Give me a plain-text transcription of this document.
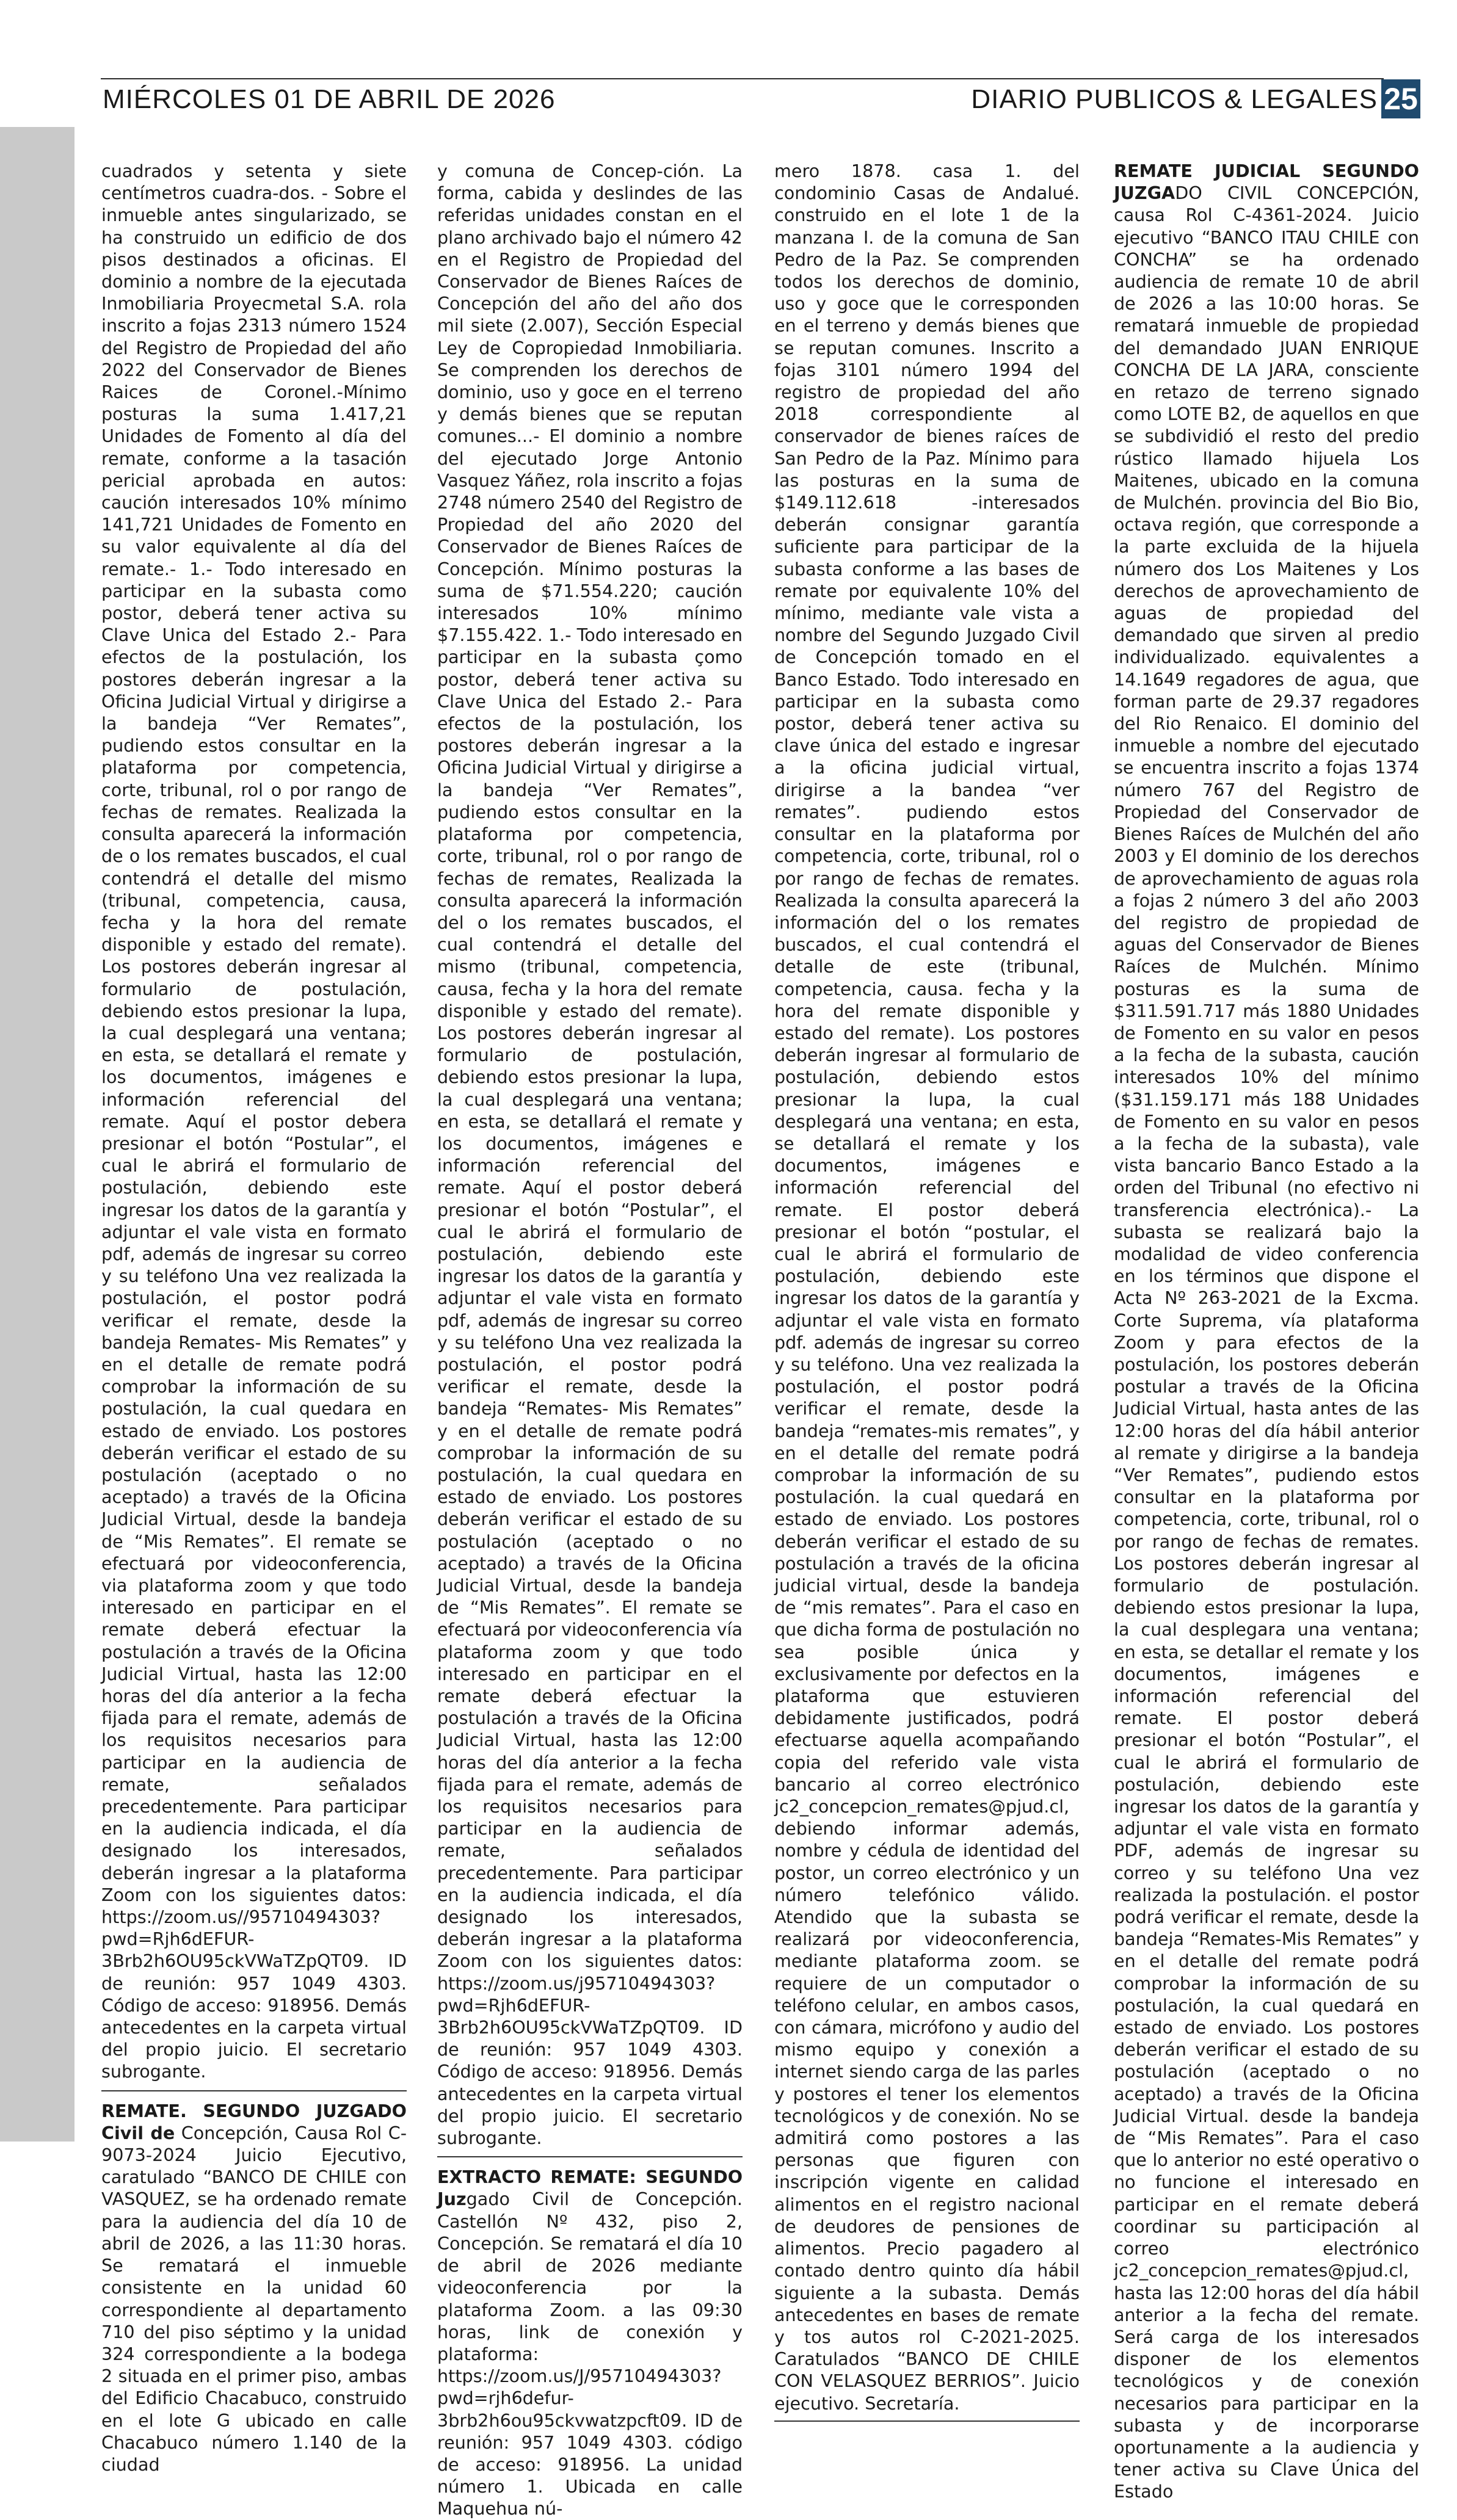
MIÉRCOLES 01 DE ABRIL DE 2026	DIARIO PUBLICOS & LEGALES 25

cuadrados y setenta y siete centímetros cuadra-dos. - Sobre el inmueble antes singularizado, se ha construido un edificio de dos pisos destinados a oficinas. El dominio a nombre de la ejecutada Inmobiliaria Proyecmetal S.A. rola inscrito a fojas 2313 número 1524 del Registro de Propiedad del año 2022 del Conservador de Bienes Raices de Coronel.-Mínimo posturas la suma 1.417,21 Unidades de Fomento al día del remate, conforme a la tasación pericial aprobada en autos: caución interesados 10% mínimo 141,721 Unidades de Fomento en su valor equivalente al día del remate.- 1.- Todo interesado en participar en la subasta como postor, deberá tener activa su Clave Unica del Estado 2.- Para efectos de la postulación, los postores deberán ingresar a la Oficina Judicial Virtual y dirigirse a la bandeja “Ver Remates”, pudiendo estos consultar en la plataforma por competencia, corte, tribunal, rol o por rango de fechas de remates. Realizada la consulta aparecerá la información de o los remates buscados, el cual contendrá el detalle del mismo (tribunal, competencia, causa, fecha y la hora del remate disponible y estado del remate). Los postores deberán ingresar al formulario de postulación, debiendo estos presionar la lupa, la cual desplegará una ventana; en esta, se detallará el remate y los documentos, imágenes e información referencial del remate. Aquí el postor debera presionar el botón “Postular”, el cual le abrirá el formulario de postulación, debiendo este ingresar los datos de la garantía y adjuntar el vale vista en formato pdf, además de ingresar su correo y su teléfono Una vez realizada la postulación, el postor podrá verificar el remate, desde la bandeja Remates- Mis Remates” y en el detalle de remate podrá comprobar la información de su postulación, la cual quedara en estado de enviado. Los postores deberán verificar el estado de su postulación (aceptado o no aceptado) a través de la Oficina Judicial Virtual, desde la bandeja de “Mis Remates”. El remate se efectuará por videoconferencia, via plataforma zoom y que todo interesado en participar en el remate deberá efectuar la postulación a través de la Oficina Judicial Virtual, hasta las 12:00 horas del día anterior a la fecha fijada para el remate, además de los requisitos necesarios para participar en la audiencia de remate, señalados precedentemente. Para participar en la audiencia indicada, el día designado los interesados, deberán ingresar a la plataforma Zoom con los siguientes datos: https://zoom.us//95710494303?pwd=Rjh6dEFUR-3Brb2h6OU95ckVWaTZpQT09. ID de reunión: 957 1049 4303. Código de acceso: 918956. Demás antecedentes en la carpeta virtual del propio juicio. El secretario subrogante.

REMATE. SEGUNDO JUZGADO Civil de Concepción, Causa Rol C-9073-2024 Juicio Ejecutivo, caratulado “BANCO DE CHILE con VASQUEZ, se ha ordenado remate para la audiencia del día 10 de abril de 2026, a las 11:30 horas. Se rematará el inmueble consistente en la unidad 60 correspondiente al departamento 710 del piso séptimo y la unidad 324 correspondiente a la bodega 2 situada en el primer piso, ambas del Edificio Chacabuco, construido en el lote G ubicado en calle Chacabuco número 1.140 de la ciudad

y comuna de Concep-ción. La forma, cabida y deslindes de las referidas unidades constan en el plano archivado bajo el número 42 en el Registro de Propiedad del Conservador de Bienes Raíces de Concepción del año del año dos mil siete (2.007), Sección Especial Ley de Copropiedad Inmobiliaria. Se comprenden los derechos de dominio, uso y goce en el terreno y demás bienes que se reputan comunes...- El dominio a nombre del ejecutado Jorge Antonio Vasquez Yáñez, rola inscrito a fojas 2748 número 2540 del Registro de Propiedad del año 2020 del Conservador de Bienes Raíces de Concepción. Mínimo posturas la suma de $71.554.220; caución interesados 10% mínimo $7.155.422. 1.- Todo interesado en participar en la subasta çomo postor, deberá tener activa su Clave Unica del Estado 2.- Para efectos de la postulación, los postores deberán ingresar a la Oficina Judicial Virtual y dirigirse a la bandeja “Ver Remates”, pudiendo estos consultar en la plataforma por competencia, corte, tribunal, rol o por rango de fechas de remates, Realizada la consulta aparecerá la información del o los remates buscados, el cual contendrá el detalle del mismo (tribunal, competencia, causa, fecha y la hora del remate disponible y estado del remate). Los postores deberán ingresar al formulario de postulación, debiendo estos presionar la lupa, la cual desplegará una ventana; en esta, se detaIlará el remate y los documentos, imágenes e información referencial del remate. Aquí el postor deberá presionar el botón “Postular”, el cual le abrirá el formulario de postulación, debiendo este ingresar los datos de la garantía y adjuntar el vale vista en formato pdf, además de ingresar su correo y su teléfono Una vez realizada la postulación, el postor podrá verificar el remate, desde la bandeja “Remates- Mis Remates” y en el detalle de remate podrá comprobar la información de su postulación, la cual quedara en estado de enviado. Los postores deberán verificar el estado de su postulación (aceptado o no aceptado) a través de la Oficina Judicial Virtual, desde la bandeja de “Mis Remates”. El remate se efectuará por videoconferencia vía plataforma zoom y que todo interesado en participar en el remate deberá efectuar la postulación a través de la Oficina Judicial Virtual, hasta las 12:00 horas del día anterior a la fecha fijada para el remate, además de los requisitos necesarios para participar en la audiencia de remate, señalados precedentemente. Para participar en la audiencia indicada, el día designado los interesados, deberán ingresar a la plataforma Zoom con los siguientes datos: https://zoom.us/j95710494303?pwd=Rjh6dEFUR-3Brb2h6OU95ckVWaTZpQT09. ID de reunión: 957 1049 4303. Código de acceso: 918956. Demás antecedentes en la carpeta virtual del propio juicio. El secretario subrogante.

EXTRACTO REMATE: SEGUNDO Juzgado Civil de Concepción. Castellón Nº 432, piso 2, Concepción. Se rematará el día 10 de abril de 2026 mediante videoconferencia por la plataforma Zoom. a las 09:30 horas, link de conexión y plataforma: https://zoom.us/J/95710494303?pwd=rjh6defur-3brb2h6ou95ckvwatzpcft09. ID de reunión: 957 1049 4303. código de acceso: 918956. La unidad número 1. Ubicada en calle Maquehua nú-

mero 1878. casa 1. del condominio Casas de Andalué. construido en el lote 1 de la manzana I. de la comuna de San Pedro de la Paz. Se comprenden todos los derechos de dominio, uso y goce que le corresponden en el terreno y demás bienes que se reputan comunes. Inscrito a fojas 3101 número 1994 del registro de propiedad del año 2018 correspondiente al conservador de bienes raíces de San Pedro de la Paz. Mínimo para las posturas en la suma de $149.112.618 -interesados deberán consignar garantía suficiente para participar de la subasta conforme a las bases de remate por equivalente 10% del mínimo, mediante vale vista a nombre del Segundo Juzgado Civil de Concepción tomado en el Banco Estado. Todo interesado en participar en la subasta como postor, deberá tener activa su clave única del estado e ingresar a la oficina judicial virtual, dirigirse a la bandea “ver remates”. pudiendo estos consultar en la plataforma por competencia, corte, tribunal, rol o por rango de fechas de remates. Realizada la consulta aparecerá la información del o los remates buscados, el cual contendrá el detalle de este (tribunal, competencia, causa. fecha y la hora del remate disponible y estado del remate). Los postores deberán ingresar al formulario de postulación, debiendo estos presionar la lupa, la cual desplegará una ventana; en esta, se detallará el remate y los documentos, imágenes e información referencial del remate. El postor deberá presionar el botón “postular, el cual le abrirá el formulario de postulación, debiendo este ingresar los datos de la garantía y adjuntar el vale vista en formato pdf. además de ingresar su correo y su teléfono. Una vez realizada la postulación, el postor podrá verificar el remate, desde la bandeja “remates-mis remates”, y en el detalle del remate podrá comprobar la información de su postulación. la cual quedará en estado de enviado. Los postores deberán verificar el estado de su postulación a través de la oficina judicial virtual, desde la bandeja de “mis remates”. Para el caso en que dicha forma de postulación no sea posible única y exclusivamente por defectos en la plataforma que estuvieren debidamente justificados, podrá efectuarse aquella acompañando copia del referido vale vista bancario al correo electrónico jc2_concepcion_remates@pjud.cl, debiendo informar además, nombre y cédula de identidad del postor, un correo electrónico y un número telefónico válido. Atendido que la subasta se realizará por videoconferencia, mediante plataforma zoom. se requiere de un computador o teléfono celular, en ambos casos, con cámara, micrófono y audio del mismo equipo y conexión a internet siendo carga de las parles y postores el tener los elementos tecnológicos y de conexión. No se admitirá como postores a las personas que figuren con inscripción vigente en calidad alimentos en el registro nacional de deudores de pensiones de alimentos. Precio pagadero al contado dentro quinto día hábil siguiente a la subasta. Demás antecedentes en bases de remate y tos autos rol C-2021-2025. Caratulados “BANCO DE CHILE CON VELASQUEZ BERRIOS”. Juicio ejecutivo. Secretaría.

REMATE JUDICIAL SEGUNDO JUZGADO CIVIL CONCEPCIÓN, causa Rol C-4361-2024. Juicio ejecutivo “BANCO ITAU CHILE con CONCHA” se ha ordenado audiencia de remate 10 de abril de 2026 a las 10:00 horas. Se rematará inmueble de propiedad del demandado JUAN ENRIQUE CONCHA DE LA JARA, consciente en retazo de terreno signado como LOTE B2, de aquellos en que se subdividió el resto del predio rústico llamado hijuela Los Maitenes, ubicado en la comuna de Mulchén. provincia del Bio Bio, octava región, que corresponde a la parte excluida de la hijuela número dos Los Maitenes y Los derechos de aprovechamiento de aguas de propiedad del demandado que sirven al predio individualizado. equivalentes a 14.1649 regadores de agua, que forman parte de 29.37 regadores del Rio Renaico. El dominio del inmueble a nombre del ejecutado se encuentra inscrito a fojas 1374 número 767 del Registro de Propiedad del Conservador de Bienes Raíces de Mulchén del año 2003 y El dominio de los derechos de aprovechamiento de aguas rola a fojas 2 número 3 del año 2003 del registro de propiedad de aguas del Conservador de Bienes Raíces de Mulchén. Mínimo posturas es la suma de $311.591.717 más 1880 Unidades de Fomento en su valor en pesos a la fecha de la subasta, caución interesados 10% del mínimo ($31.159.171 más 188 Unidades de Fomento en su valor en pesos a la fecha de la subasta), vale vista bancario Banco Estado a la orden del Tribunal (no efectivo ni transferencia electrónica).- La subasta se realizará bajo la modalidad de video conferencia en los términos que dispone el Acta Nº 263-2021 de la Excma. Corte Suprema, vía plataforma Zoom y para efectos de la postulación, los postores deberán postular a través de la Oficina Judicial Virtual, hasta antes de las 12:00 horas del día hábil anterior al remate y dirigirse a la bandeja “Ver Remates”, pudiendo estos consultar en la plataforma por competencia, corte, tribunal, rol o por rango de fechas de remates. Los postores deberán ingresar al formulario de postulación. debiendo estos presionar la lupa, la cual desplegara una ventana; en esta, se detallar el remate y los documentos, imágenes e información referencial del remate. El postor deberá presionar el botón “Postular”, el cual le abrirá el formulario de postulación, debiendo este ingresar los datos de la garantía y adjuntar el vale vista en formato PDF, además de ingresar su correo y su teléfono Una vez realizada la postulación. el postor podrá verificar el remate, desde la bandeja “Remates-Mis Remates” y en el detalle del remate podrá comprobar la información de su postulación, la cual quedará en estado de enviado. Los postores deberán verificar el estado de su postulación (aceptado o no aceptado) a través de la Oficina Judicial Virtual. desde la bandeja de “Mis Remates”. Para el caso que lo anterior no esté operativo o no funcione el interesado en participar en el remate deberá coordinar su participación al correo electrónico jc2_concepcion_remates@pjud.cl, hasta las 12:00 horas del día hábil anterior a la fecha del remate. Será carga de los interesados disponer de los elementos tecnológicos y de conexión necesarios para participar en la subasta y de incorporarse oportunamente a la audiencia y tener activa su Clave Única del Estado
